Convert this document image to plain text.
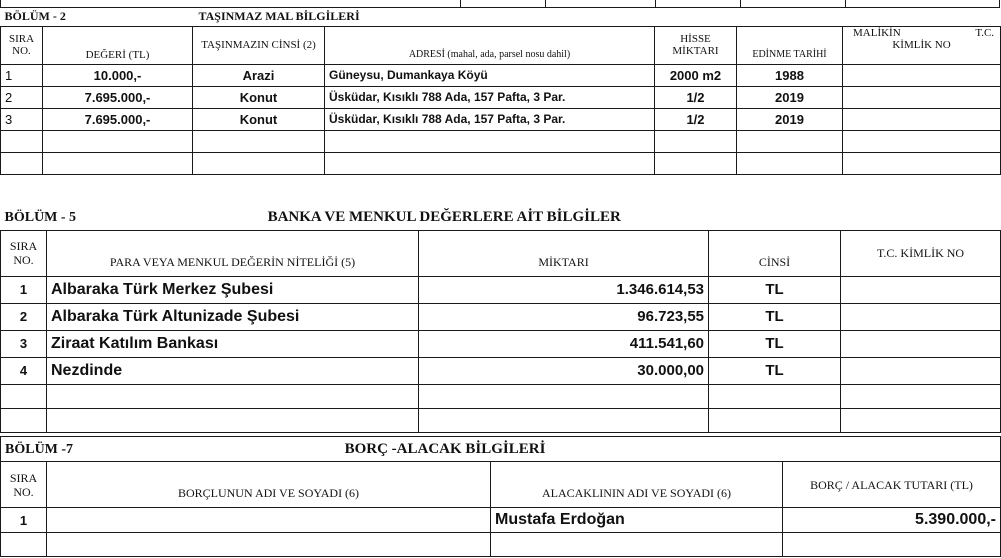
BÖLÜM - 2		TAŞINMAZ MAL BİLGİLERİ				
SIRA NO.	DEĞERİ (TL)	TAŞINMAZIN CİNSİ (2)	ADRESİ (mahal, ada, parsel nosu dahil)	HİSSE MİKTARI	EDİNME TARİHİ	MALİKİN T.C.
KİMLİK NO

1	10.000,-	Arazi	Güneysu, Dumankaya Köyü	2000 m2	1988	
2	7.695.000,-	Konut	Üsküdar, Kısıklı 788 Ada, 157 Pafta, 3 Par.	1/2	2019	
3	7.695.000,-	Konut	Üsküdar, Kısıklı 788 Ada, 157 Pafta, 3 Par.	1/2	2019	

BÖLÜM - 5 BANKA VE MENKUL DEĞERLERE AİT BİLGİLER				
SIRA NO.	PARA VEYA MENKUL DEĞERİN NİTELİĞİ (5)	MİKTARI	CİNSİ	T.C. KİMLİK NO
1	Albaraka Türk Merkez Şubesi	1.346.614,53	TL	
2	Albaraka Türk Altunizade Şubesi	96.723,55	TL	
3	Ziraat Katılım Bankası	411.541,60	TL	
4	Nezdinde	30.000,00	TL	

BÖLÜM -7 BORÇ -ALACAK BİLGİLERİ			
SIRA NO.	BORÇLUNUN ADI VE SOYADI (6)	ALACAKLININ ADI VE SOYADI (6)	BORÇ / ALACAK TUTARI (TL)
1		Mustafa Erdoğan	5.390.000,-
